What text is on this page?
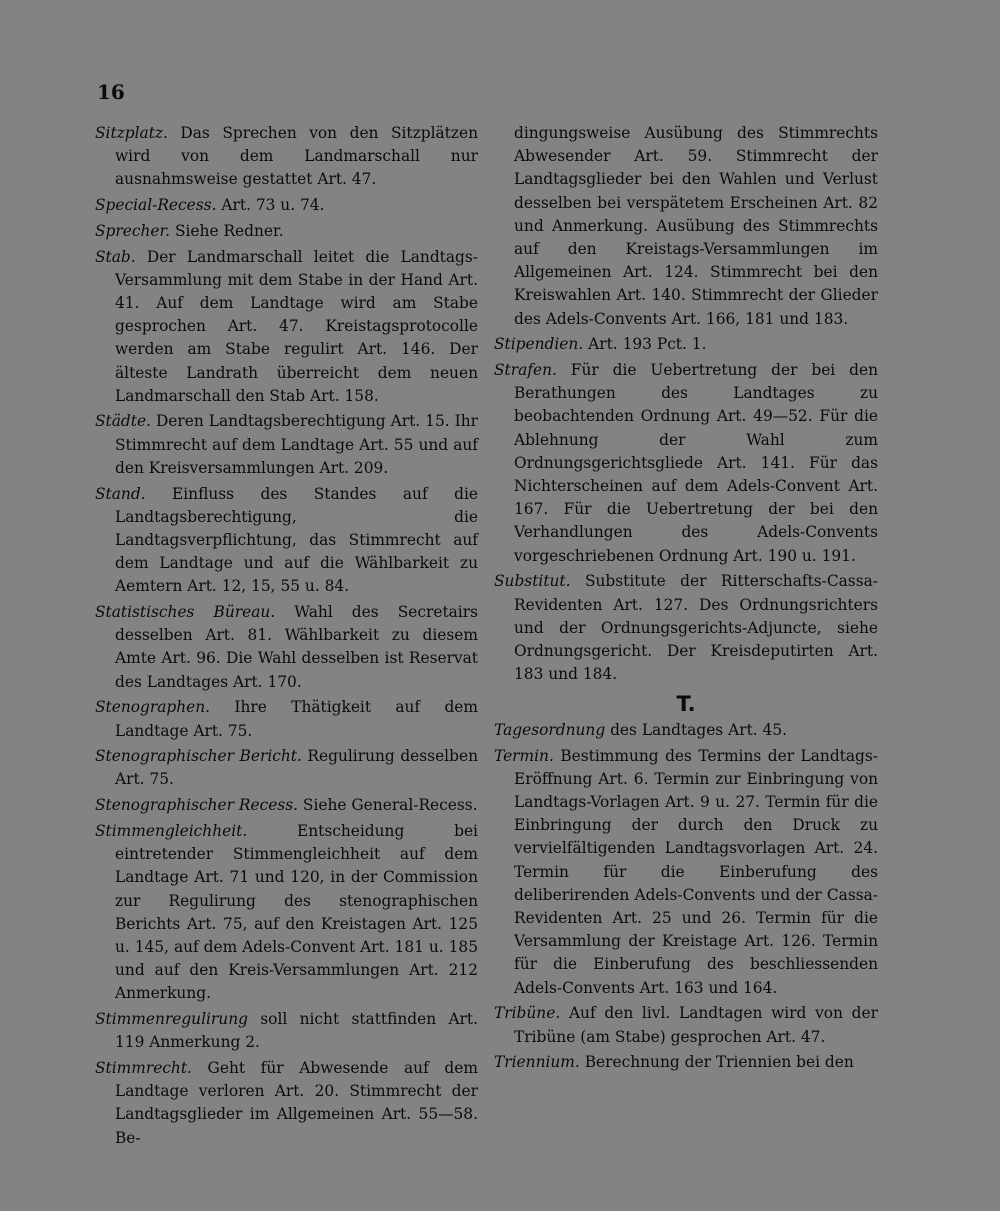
16

Sitzplatz. Das Sprechen von den Sitzplätzen wird von dem Landmarschall nur ausnahmsweise gestattet Art. 47.

Special-Recess. Art. 73 u. 74.

Sprecher. Siehe Redner.

Stab. Der Landmarschall leitet die Landtags-Versammlung mit dem Stabe in der Hand Art. 41. Auf dem Landtage wird am Stabe gesprochen Art. 47. Kreistagsprotocolle werden am Stabe regulirt Art. 146. Der älteste Landrath überreicht dem neuen Landmarschall den Stab Art. 158.

Städte. Deren Landtagsberechtigung Art. 15. Ihr Stimmrecht auf dem Landtage Art. 55 und auf den Kreisversammlungen Art. 209.

Stand. Einfluss des Standes auf die Landtagsberechtigung, die Landtagsverpflichtung, das Stimmrecht auf dem Landtage und auf die Wählbarkeit zu Aemtern Art. 12, 15, 55 u. 84.

Statistisches Büreau. Wahl des Secretairs desselben Art. 81. Wählbarkeit zu diesem Amte Art. 96. Die Wahl desselben ist Reservat des Landtages Art. 170.

Stenographen. Ihre Thätigkeit auf dem Landtage Art. 75.

Stenographischer Bericht. Regulirung desselben Art. 75.

Stenographischer Recess. Siehe General-Recess.

Stimmengleichheit.	Entscheidung bei eintretender Stimmengleichheit auf dem Landtage Art. 71 und 120, in der Commission zur Regulirung des stenographischen Berichts Art. 75, auf den Kreistagen Art. 125 u. 145, auf dem Adels-Convent Art. 181 u. 185 und auf den Kreis-Versammlungen Art. 212 Anmerkung.

Stimmenregulirung soll nicht stattfinden Art. 119 Anmerkung 2.

Stimmrecht. Geht für Abwesende auf dem Landtage verloren Art. 20. Stimmrecht der Landtagsglieder im Allgemeinen Art. 55—58. Be-

dingungsweise Ausübung des Stimmrechts Abwesender Art. 59. Stimmrecht der Landtagsglieder bei den Wahlen und Verlust desselben bei verspätetem Erscheinen Art. 82 und Anmerkung. Ausübung des Stimmrechts auf den Kreistags-Versammlungen im Allgemeinen Art. 124. Stimmrecht bei den Kreiswahlen Art. 140. Stimmrecht der Glieder des Adels-Convents Art. 166, 181 und 183.

Stipendien. Art. 193 Pct. 1.

Strafen. Für die Uebertretung der bei den Berathungen des Landtages zu beobachtenden Ordnung Art. 49—52. Für die Ablehnung der Wahl zum Ordnungsgerichtsgliede Art. 141. Für das Nichterscheinen auf dem Adels-Convent Art. 167. Für die Uebertretung der bei den Verhandlungen des Adels-Convents vorgeschriebenen Ordnung Art. 190 u. 191.

Substitut. Substitute der Ritterschafts-Cassa-Revidenten Art. 127. Des Ordnungsrichters und der Ordnungsgerichts-Adjuncte, siehe Ordnungsgericht. Der Kreisdeputirten Art. 183 und 184.

T.

Tagesordnung des Landtages Art. 45.

Termin. Bestimmung des Termins der Landtags-Eröffnung Art. 6. Termin zur Einbringung von Landtags-Vorlagen Art. 9 u. 27. Termin für die Einbringung der durch den Druck zu vervielfältigenden Landtagsvorlagen Art. 24. Termin für die Einberufung des deliberirenden Adels-Convents und der Cassa-Revidenten Art. 25 und 26. Termin für die Versammlung der Kreistage Art. 126. Termin für die Einberufung des beschliessenden Adels-Convents Art. 163 und 164.

Tribüne. Auf den livl. Landtagen wird von der Tribüne (am Stabe) gesprochen Art. 47.

Triennium. Berechnung der Triennien bei den
